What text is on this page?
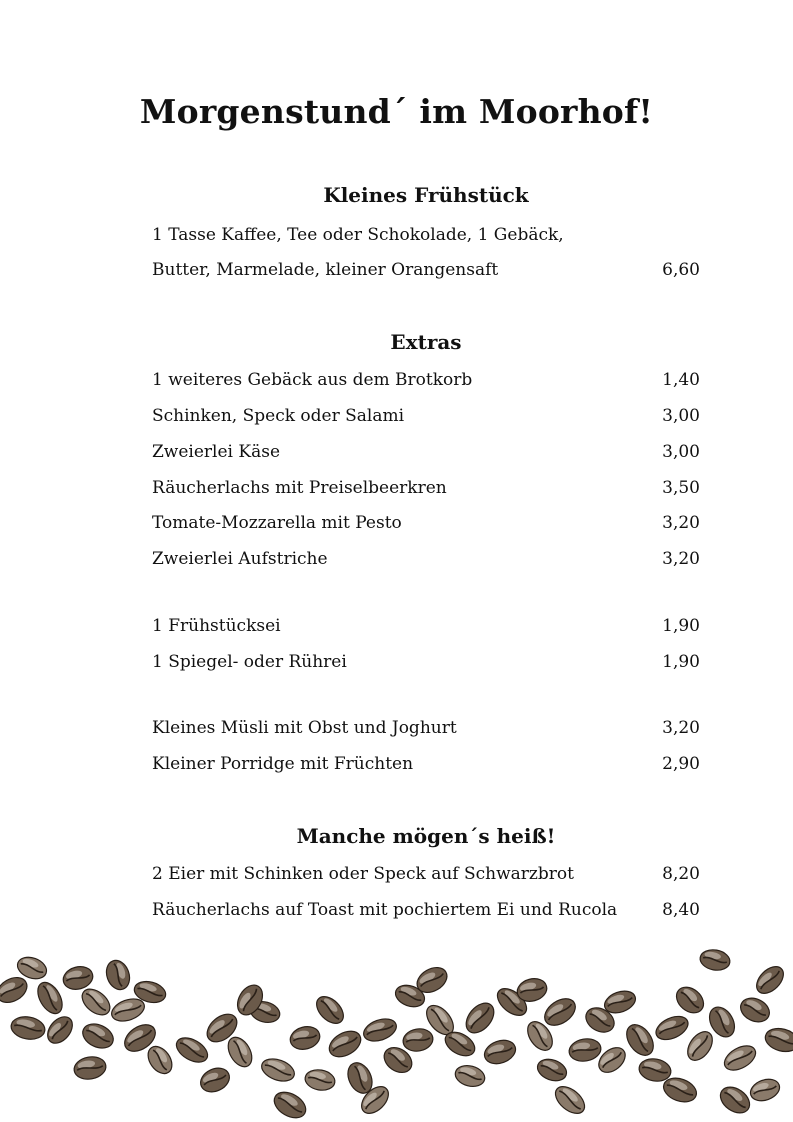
Morgenstund´ im Moorhof!
Kleines Frühstück
1 Tasse Kaffee, Tee oder Schokolade, 1 Gebäck,
Butter, Marmelade, kleiner Orangensaft	6,60
Extras
1 weiteres Gebäck aus dem Brotkorb	1,40
Schinken, Speck oder Salami	3,00
Zweierlei Käse	3,00
Räucherlachs mit Preiselbeerkren	3,50
Tomate-Mozzarella mit Pesto	3,20
Zweierlei Aufstriche	3,20
1 Frühstücksei	1,90
1 Spiegel- oder Rührei	1,90
Kleines Müsli mit Obst und Joghurt	3,20
Kleiner Porridge mit Früchten	2,90
Manche mögen´s heiß!
2 Eier mit Schinken oder Speck auf Schwarzbrot	8,20
Räucherlachs auf Toast mit pochiertem Ei und Rucola	8,40
